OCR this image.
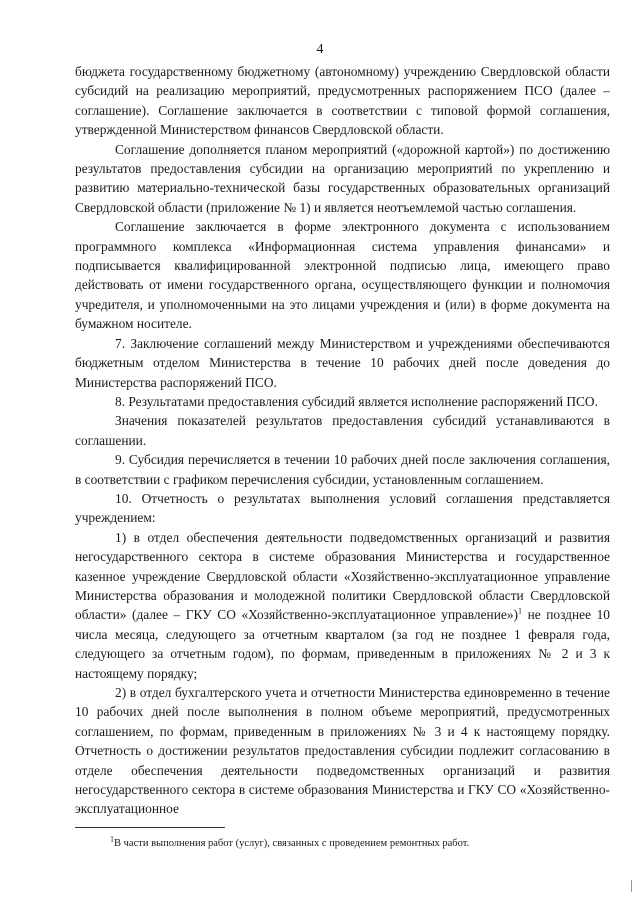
4

бюджета государственному бюджетному (автономному) учреждению Свердловской области субсидий на реализацию мероприятий, предусмотренных распоряжением ПСО (далее – соглашение). Соглашение заключается в соответствии с типовой формой соглашения, утвержденной Министерством финансов Свердловской области.

Соглашение дополняется планом мероприятий («дорожной картой») по достижению результатов предоставления субсидии на организацию мероприятий по укреплению и развитию материально-технической базы государственных образовательных организаций Свердловской области (приложение № 1) и является неотъемлемой частью соглашения.

Соглашение заключается в форме электронного документа с использованием программного комплекса «Информационная система управления финансами» и подписывается квалифицированной электронной подписью лица, имеющего право действовать от имени государственного органа, осуществляющего функции и полномочия учредителя, и уполномоченными на это лицами учреждения и (или) в форме документа на бумажном носителе.

7. Заключение соглашений между Министерством и учреждениями обеспечиваются бюджетным отделом Министерства в течение 10 рабочих дней после доведения до Министерства распоряжений ПСО.

8. Результатами предоставления субсидий является исполнение распоряжений ПСО.

Значения показателей результатов предоставления субсидий устанавливаются в соглашении.

9. Субсидия перечисляется в течении 10 рабочих дней после заключения соглашения, в соответствии с графиком перечисления субсидии, установленным соглашением.

10. Отчетность о результатах выполнения условий соглашения представляется учреждением:

1) в отдел обеспечения деятельности подведомственных организаций и развития негосударственного сектора в системе образования Министерства и государственное казенное учреждение Свердловской области «Хозяйственно-эксплуатационное управление Министерства образования и молодежной политики Свердловской области Свердловской области» (далее – ГКУ СО «Хозяйственно-эксплуатационное управление»)$^1$ не позднее 10 числа месяца, следующего за отчетным кварталом (за год не позднее 1 февраля года, следующего за отчетным годом), по формам, приведенным в приложениях № 2 и 3 к настоящему порядку;

2) в отдел бухгалтерского учета и отчетности Министерства единовременно в течение 10 рабочих дней после выполнения в полном объеме мероприятий, предусмотренных соглашением, по формам, приведенным в приложениях № 3 и 4 к настоящему порядку. Отчетность о достижении результатов предоставления субсидии подлежит согласованию в отделе обеспечения деятельности подведомственных организаций и развития негосударственного сектора в системе образования Министерства и ГКУ СО «Хозяйственно-эксплуатационное

$^1$В части выполнения работ (услуг), связанных с проведением ремонтных работ.
